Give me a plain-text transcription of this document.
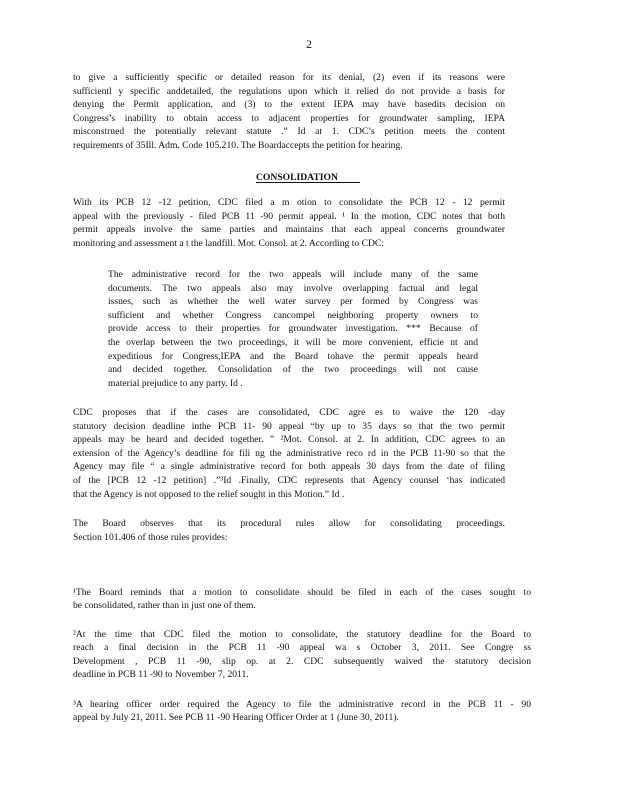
2
to give a sufficiently specific or detailed reason for its denial, (2) even if its reasons were
sufficientl y specific anddetailed, the regulations upon which it relied do not provide a basis for
denying the Permit application, and (3) to the extent IEPA may have basedits decision on
Congress’s inability to obtain access to adjacent properties for groundwater sampling, IEPA
misconstrued the potentially relevant statute .” Id at 1. CDC’s petition meets the content
requirements of 35Ill. Adm. Code 105.210. The Boardaccepts the petition for hearing.
CONSOLIDATION
With its PCB 12 -12 petition, CDC filed a m otion to consolidate the PCB 12 - 12 permit
appeal with the previously - filed PCB 11 -90 permit appeal. ¹ In the motion, CDC notes that both
permit appeals involve the same parties and maintains that each appeal concerns groundwater
monitoring and assessment a t the landfill. Mot. Consol. at 2. According to CDC:
The administrative record for the two appeals will include many of the same
documents. The two appeals also may involve overlapping factual and legal
issues, such as whether the well water survey per formed by Congress was
sufficient and whether Congress cancompel neighboring property owners to
provide access to their properties for groundwater investigation. *** Because of
the overlap between the two proceedings, it will be more convenient, efficie nt and
expeditious for Congress,IEPA and the Board tohave the permit appeals heard
and decided together. Consolidation of the two proceedings will not cause
material prejudice to any party. Id .
CDC proposes that if the cases are consolidated, CDC agre es to waive the 120 -day
statutory decision deadline inthe PCB 11- 90 appeal “by up to 35 days so that the two permit
appeals may be heard and decided together. ” ²Mot. Consol. at 2. In addition, CDC agrees to an
extension of the Agency’s deadline for fili ng the administrative reco rd in the PCB 11-90 so that the
Agency may file “ a single administrative record for both appeals 30 days from the date of filing
of the [PCB 12 -12 petition] .”³Id .Finally, CDC represents that Agency counsel ‘has indicated
that the Agency is not opposed to the relief sought in this Motion.” Id .
The Board observes that its procedural rules allow for consolidating proceedings.
Section 101.406 of those rules provides:
¹The Board reminds that a motion to consolidate should be filed in each of the cases sought to
be consolidated, rather than in just one of them.
²At the time that CDC filed the motion to consolidate, the statutory deadline for the Board to
reach a final decision in the PCB 11 -90 appeal wa s October 3, 2011. See Congre ss
Development , PCB 11 -90, slip op. at 2. CDC subsequently waived the statutory decision
deadline in PCB 11 -90 to November 7, 2011.
³A hearing officer order required the Agency to file the administrative record in the PCB 11 - 90
appeal by July 21, 2011. See PCB 11 -90 Hearing Officer Order at 1 (June 30, 2011).
